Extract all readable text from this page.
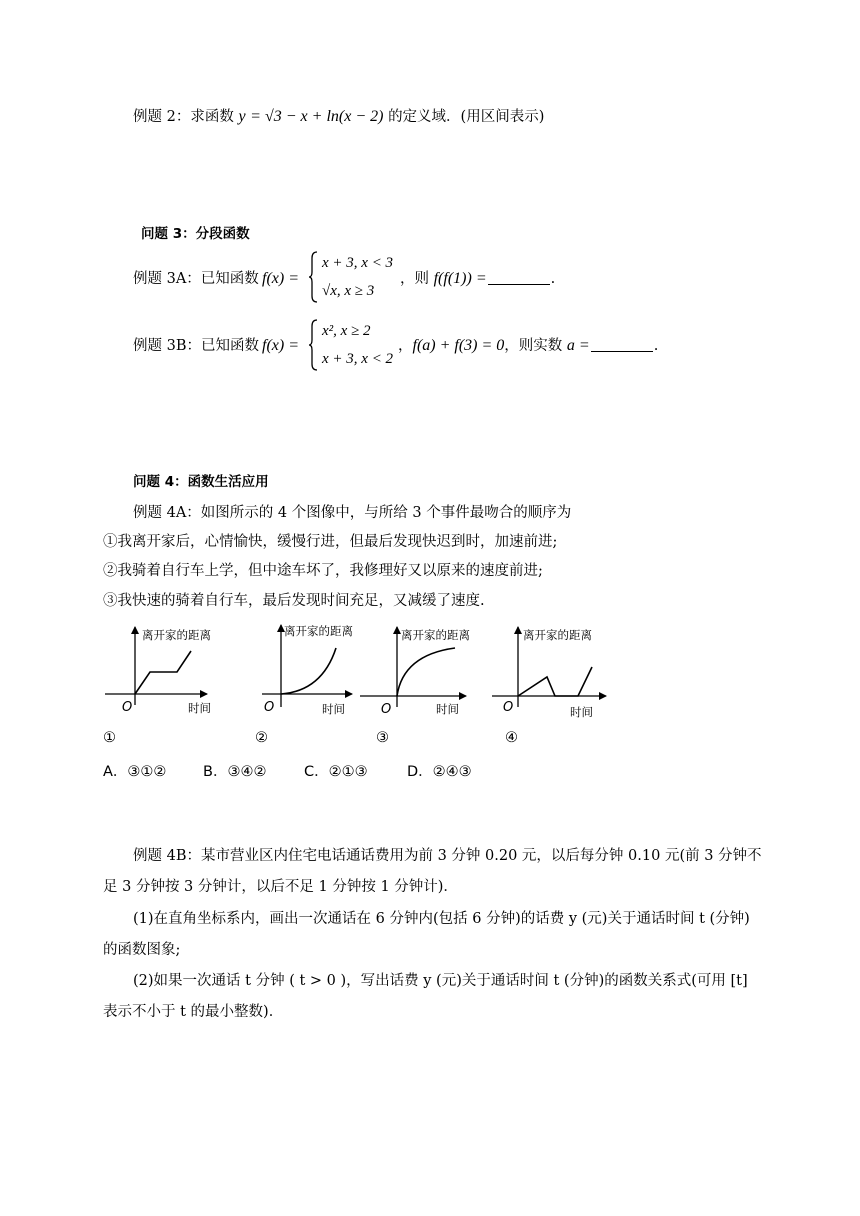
例题 2：求函数 y = √3 − x + ln(x − 2) 的定义域．(用区间表示)
问题 3：分段函数
例题 3A：已知函数 f(x) =
x + 3, x < 3
√x, x ≥ 3
，则 f(f(1)) =	.
例题 3B：已知函数 f(x) =
x², x ≥ 2
x + 3, x < 2
，f(a) + f(3) = 0，则实数 a =	.
问题 4：函数生活应用
例题 4A：如图所示的 4 个图像中，与所给 3 个事件最吻合的顺序为
①我离开家后，心情愉快，缓慢行进，但最后发现快迟到时，加速前进;
②我骑着自行车上学，但中途车坏了，我修理好又以原来的速度前进;
③我快速的骑着自行车，最后发现时间充足，又减缓了速度.
离开家的距离
O	时间
离开家的距离
O	时间
离开家的距离
O	时间
离开家的距离
O	时间
①	②	③	④
A．③①②	B．③④②	C．②①③	D．②④③
例题 4B：某市营业区内住宅电话通话费用为前 3 分钟 0.20 元，以后每分钟 0.10 元(前 3 分钟不
足 3 分钟按 3 分钟计，以后不足 1 分钟按 1 分钟计)．
(1)在直角坐标系内，画出一次通话在 6 分钟内(包括 6 分钟)的话费 y (元)关于通话时间 t (分钟)
的函数图象;
(2)如果一次通话 t 分钟 ( t > 0 )，写出话费 y (元)关于通话时间 t (分钟)的函数关系式(可用 [t]
表示不小于 t 的最小整数)．
